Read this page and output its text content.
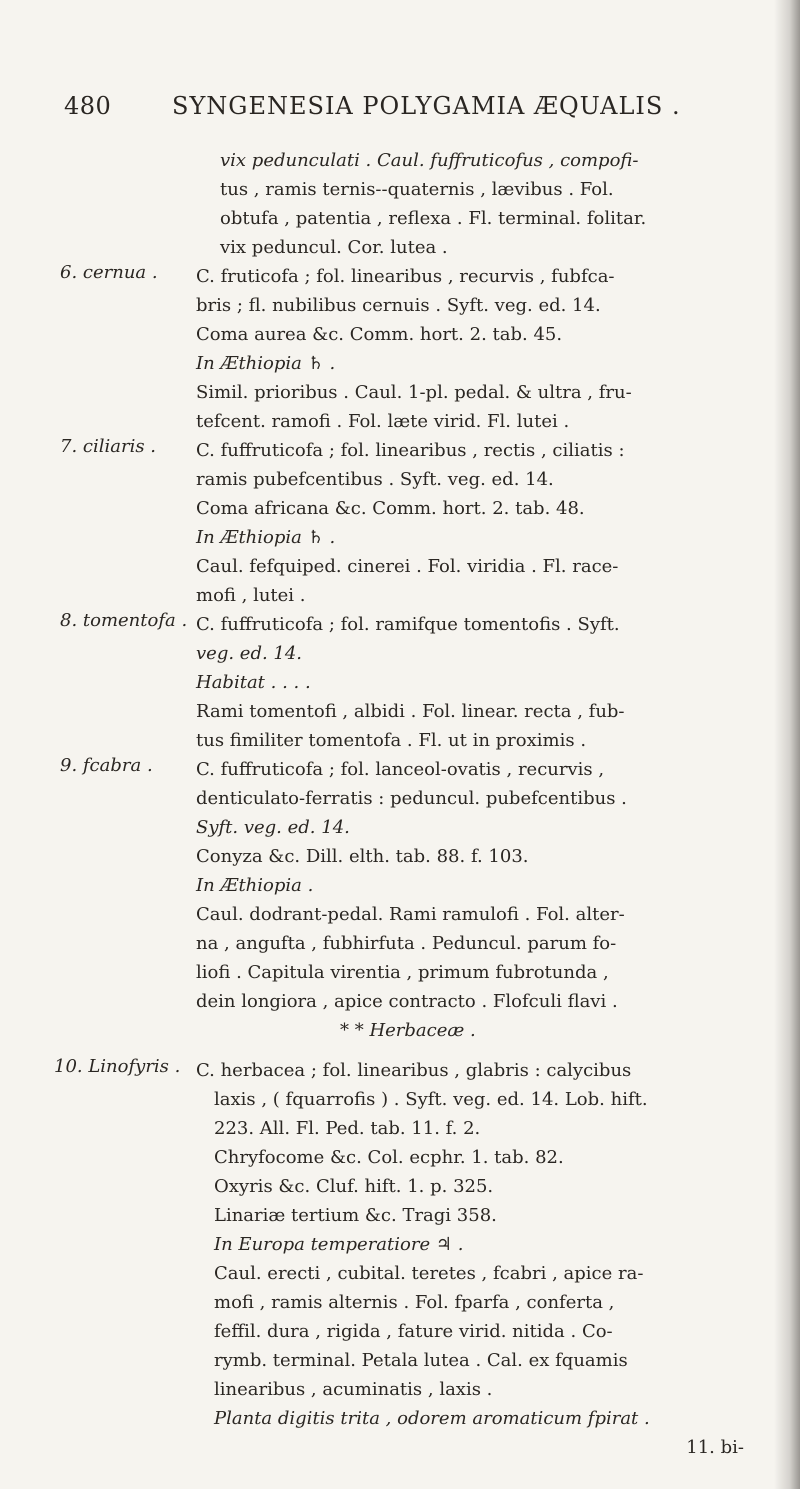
480	SYNGENESIA POLYGAMIA ÆQUALIS .

vix pedunculati . Caul. fuffruticofus , compofi-

tus , ramis ternis--quaternis , lævibus . Fol.

obtufa , patentia , reflexa . Fl. terminal. folitar.

vix peduncul. Cor. lutea .

6. cernua . C. fruticofa ; fol. linearibus , recurvis , fubfca-

bris ; fl. nubilibus cernuis . Syft. veg. ed. 14.

Coma aurea &c. Comm. hort. 2. tab. 45.

In Æthiopia ♄ .

Simil. prioribus . Caul. 1-pl. pedal. & ultra , fru-

tefcent. ramofi . Fol. læte virid. Fl. lutei .

7. ciliaris . C. fuffruticofa ; fol. linearibus , rectis , ciliatis :

ramis pubefcentibus . Syft. veg. ed. 14.

Coma africana &c. Comm. hort. 2. tab. 48.

In Æthiopia ♄ .

Caul. fefquiped. cinerei . Fol. viridia . Fl. race-

mofi , lutei .

8. tomentofa . C. fuffruticofa ; fol. ramifque tomentofis . Syft.

veg. ed. 14.

Habitat . . . .

Rami tomentofi , albidi . Fol. linear. recta , fub-

tus fimiliter tomentofa . Fl. ut in proximis .

9. fcabra . C. fuffruticofa ; fol. lanceol-ovatis , recurvis ,

denticulato-ferratis : peduncul. pubefcentibus .

Syft. veg. ed. 14.

Conyza &c. Dill. elth. tab. 88. f. 103.

In Æthiopia .

Caul. dodrant-pedal. Rami ramulofi . Fol. alter-

na , angufta , fubhirfuta . Peduncul. parum fo-

liofi . Capitula virentia , primum fubrotunda ,

dein longiora , apice contracto . Flofculi flavi .

* * Herbaceæ .
10. Linofyris . C. herbacea ; fol. linearibus , glabris : calycibus

laxis , ( fquarrofis ) . Syft. veg. ed. 14. Lob. hift.

223. All. Fl. Ped. tab. 11. f. 2.

Chryfocome &c. Col. ecphr. 1. tab. 82.

Oxyris &c. Cluf. hift. 1. p. 325.

Linariæ tertium &c. Tragi 358.

In Europa temperatiore ♃ .

Caul. erecti , cubital. teretes , fcabri , apice ra-

mofi , ramis alternis . Fol. fparfa , conferta ,

feffil. dura , rigida , fature virid. nitida . Co-

rymb. terminal. Petala lutea . Cal. ex fquamis

linearibus , acuminatis , laxis .

Planta digitis trita , odorem aromaticum fpirat .

11. bi-
